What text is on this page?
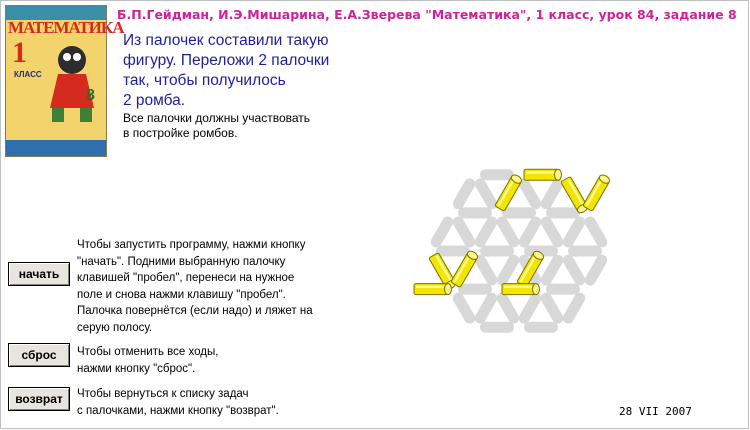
Б.П.Гейдман, И.Э.Мишарина, Е.А.Зверева "Математика", 1 класс, урок 84, задание 8
МАТЕМАТИКА
1
КЛАСС
8
Из палочек составили такую
фигуру. Переложи 2 палочки
так, чтобы получилось
2 ромба.
Все палочки должны участвовать
в постройке ромбов.
начать
сброс
возврат
Чтобы запустить программу, нажми кнопку
"начать". Подними выбранную палочку
клавишей "пробел", перенеси на нужное
поле и снова нажми клавишу "пробел".
Палочка повернётся (если надо) и ляжет на
серую полосу.
Чтобы отменить все ходы,
нажми кнопку "сброс".
Чтобы вернуться к списку задач
с палочками, нажми кнопку "возврат".	28 VII 2007
